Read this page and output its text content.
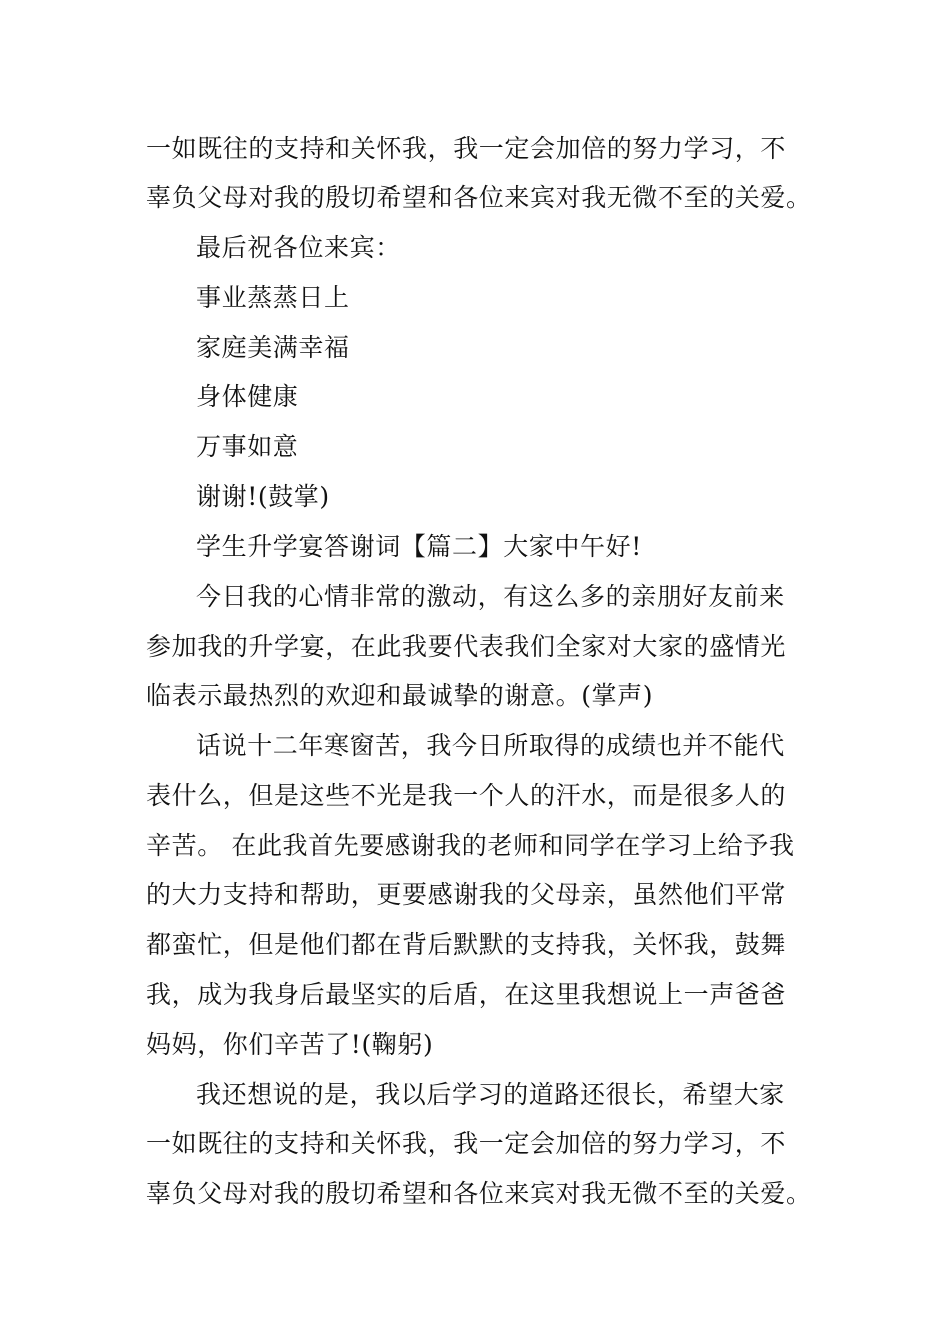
一如既往的支持和关怀我，我一定会加倍的努力学习，不
辜负父母对我的殷切希望和各位来宾对我无微不至的关爱。
最后祝各位来宾：
事业蒸蒸日上
家庭美满幸福
身体健康
万事如意
谢谢!(鼓掌)
学生升学宴答谢词【篇二】大家中午好!
今日我的心情非常的激动，有这么多的亲朋好友前来
参加我的升学宴，在此我要代表我们全家对大家的盛情光
临表示最热烈的欢迎和最诚挚的谢意。(掌声)
话说十二年寒窗苦，我今日所取得的成绩也并不能代
表什么，但是这些不光是我一个人的汗水，而是很多人的
辛苦。 在此我首先要感谢我的老师和同学在学习上给予我
的大力支持和帮助，更要感谢我的父母亲，虽然他们平常
都蛮忙，但是他们都在背后默默的支持我，关怀我，鼓舞
我，成为我身后最坚实的后盾，在这里我想说上一声爸爸
妈妈，你们辛苦了!(鞠躬)
我还想说的是，我以后学习的道路还很长，希望大家
一如既往的支持和关怀我，我一定会加倍的努力学习，不
辜负父母对我的殷切希望和各位来宾对我无微不至的关爱。
